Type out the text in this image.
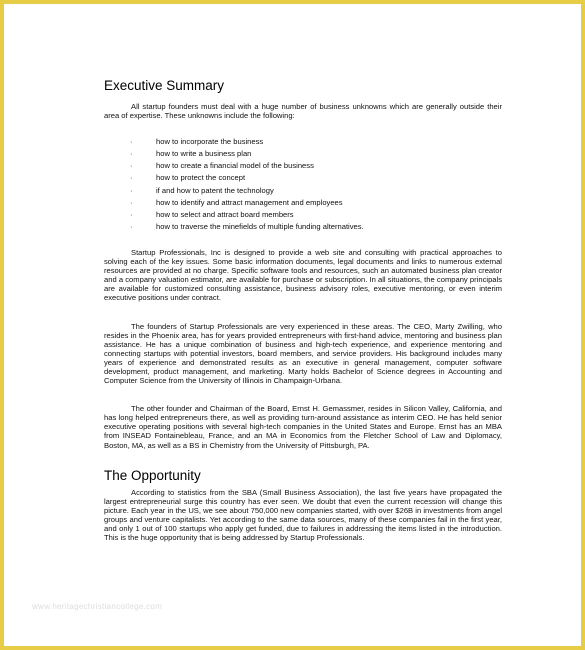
Executive Summary

All startup founders must deal with a huge number of business unknowns which are generally outside their area of expertise. These unknowns include the following:

·	how to incorporate the business
·	how to write a business plan
·	how to create a financial model of the business
·	how to protect the concept
·	if and how to patent the technology
·	how to identify and attract management and employees
·	how to select and attract board members
·	how to traverse the minefields of multiple funding alternatives.

Startup Professionals, Inc is designed to provide a web site and consulting with practical approaches to solving each of the key issues. Some basic information documents, legal documents and links to numerous external resources are provided at no charge. Specific software tools and resources, such an automated business plan creator and a company valuation estimator, are available for purchase or subscription. In all situations, the company principals are available for customized consulting assistance, business advisory roles, executive mentoring, or even interim executive positions under contract.

The founders of Startup Professionals are very experienced in these areas. The CEO, Marty Zwilling, who resides in the Phoenix area, has for years provided entrepreneurs with first-hand advice, mentoring and business plan assistance. He has a unique combination of business and high-tech experience, and experience mentoring and connecting startups with potential investors, board members, and service providers. His background includes many years of experience and demonstrated results as an executive in general management, computer software development, product management, and marketing. Marty holds Bachelor of Science degrees in Accounting and Computer Science from the University of Illinois in Champaign-Urbana.

The other founder and Chairman of the Board, Ernst H. Gemassmer, resides in Silicon Valley, California, and has long helped entrepreneurs there, as well as providing turn-around assistance as interim CEO. He has held senior executive operating positions with several high-tech companies in the United States and Europe. Ernst has an MBA from INSEAD Fontainebleau, France, and an MA in Economics from the Fletcher School of Law and Diplomacy, Boston, MA, as well as a BS in Chemistry from the University of Pittsburgh, PA.

The Opportunity

According to statistics from the SBA (Small Business Association), the last five years have propagated the largest entrepreneurial surge this country has ever seen. We doubt that even the current recession will change this picture. Each year in the US, we see about 750,000 new companies started, with over $26B in investments from angel groups and venture capitalists. Yet according to the same data sources, many of these companies fail in the first year, and only 1 out of 100 startups who apply get funded, due to failures in addressing the items listed in the introduction. This is the huge opportunity that is being addressed by Startup Professionals.

www.heritagechristiancollege.com
